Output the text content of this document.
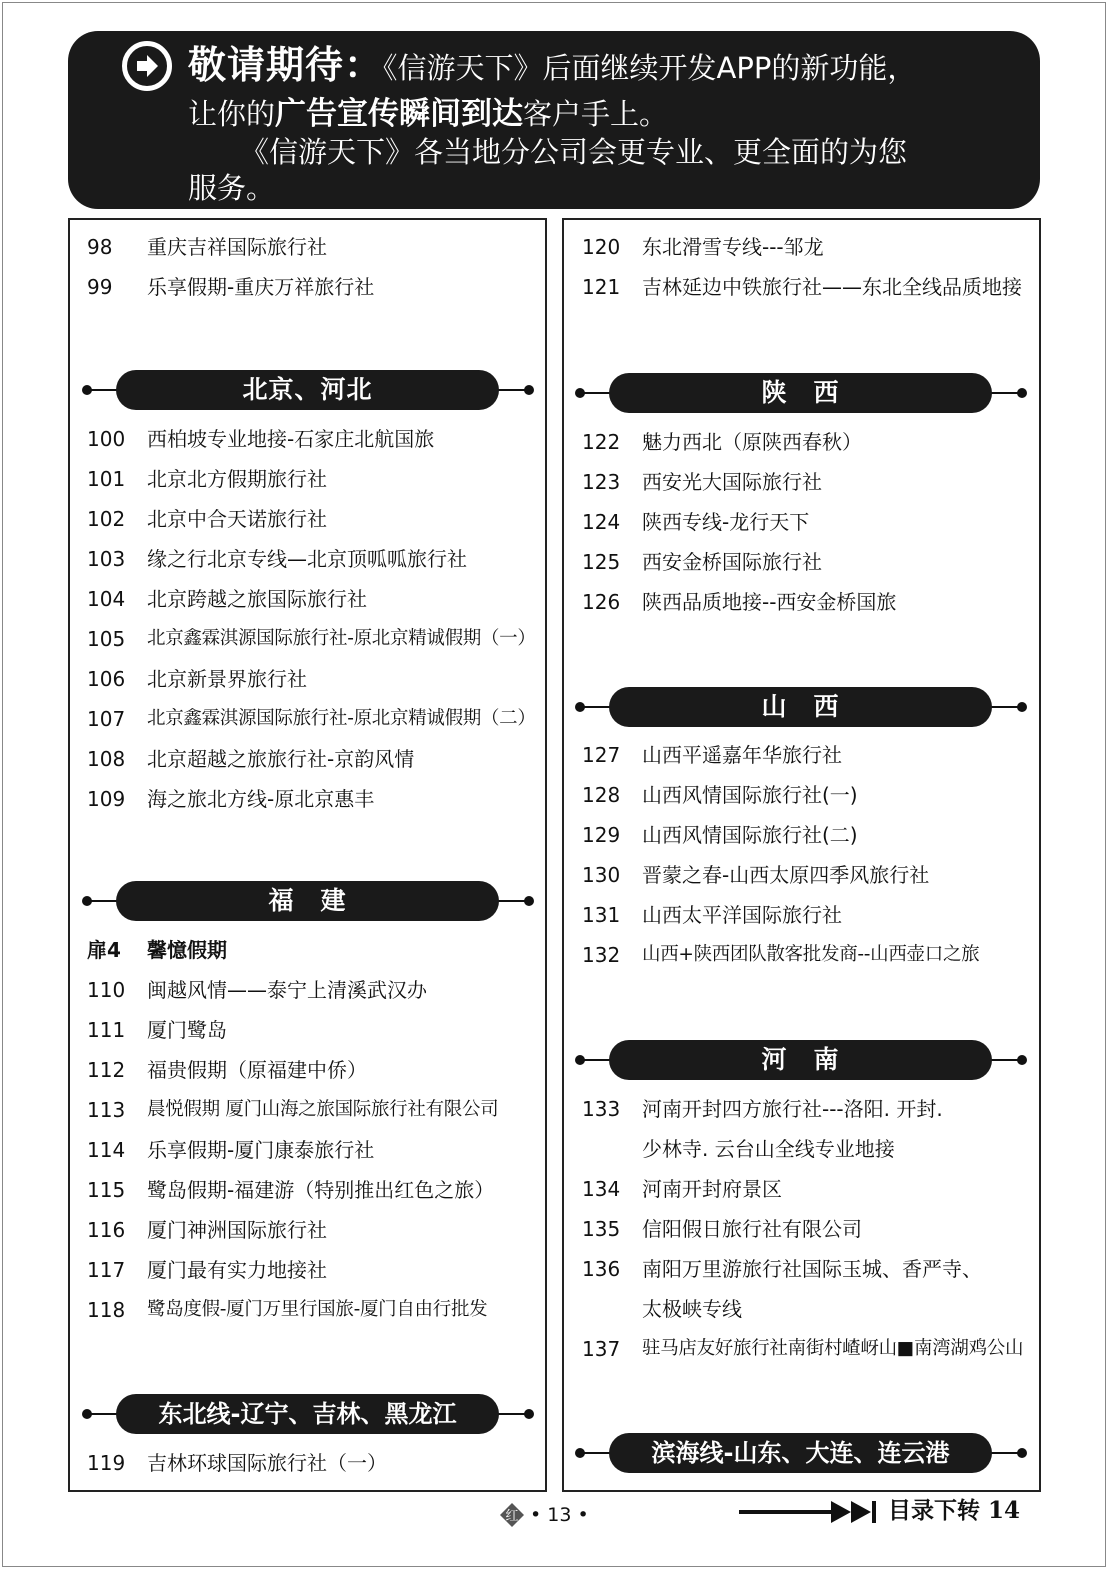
敬请期待：《信游天下》后面继续开发APP的新功能，
让你的广告宣传瞬间到达客户手上。
《信游天下》各当地分公司会更专业、更全面的为您
服务。
98 重庆吉祥国际旅行社
99 乐享假期-重庆万祥旅行社
北京、河北
100 西柏坡专业地接-石家庄北航国旅
101 北京北方假期旅行社
102 北京中合天诺旅行社
103 缘之行北京专线—北京顶呱呱旅行社
104 北京跨越之旅国际旅行社
105 北京鑫霖淇源国际旅行社-原北京精诚假期（一）
106 北京新景界旅行社
107 北京鑫霖淇源国际旅行社-原北京精诚假期（二）
108 北京超越之旅旅行社-京韵风情
109 海之旅北方线-原北京惠丰
福　建
扉4 馨憶假期
110 闽越风情——泰宁上清溪武汉办
111 厦门鹭岛
112 福贵假期（原福建中侨）
113 晨悦假期 厦门山海之旅国际旅行社有限公司
114 乐享假期-厦门康泰旅行社
115 鹭岛假期-福建游（特别推出红色之旅）
116 厦门神洲国际旅行社
117 厦门最有实力地接社
118 鹭岛度假-厦门万里行国旅-厦门自由行批发
东北线-辽宁、吉林、黑龙江
119 吉林环球国际旅行社（一）
120 东北滑雪专线---邹龙
121 吉林延边中铁旅行社——东北全线品质地接
陕　西
122 魅力西北（原陕西春秋）
123 西安光大国际旅行社
124 陕西专线-龙行天下
125 西安金桥国际旅行社
126 陕西品质地接--西安金桥国旅
山　西
127 山西平遥嘉年华旅行社
128 山西风情国际旅行社(一)
129 山西风情国际旅行社(二)
130 晋蒙之春-山西太原四季风旅行社
131 山西太平洋国际旅行社
132 山西+陕西团队散客批发商--山西壶口之旅
河　南
133 河南开封四方旅行社---洛阳. 开封.
少林寺. 云台山全线专业地接
134 河南开封府景区
135 信阳假日旅行社有限公司
136 南阳万里游旅行社国际玉城、香严寺、
太极峡专线
137 驻马店友好旅行社南街村嵖岈山■南湾湖鸡公山
滨海线-山东、大连、连云港
红 • 13 •	目录下转 14
